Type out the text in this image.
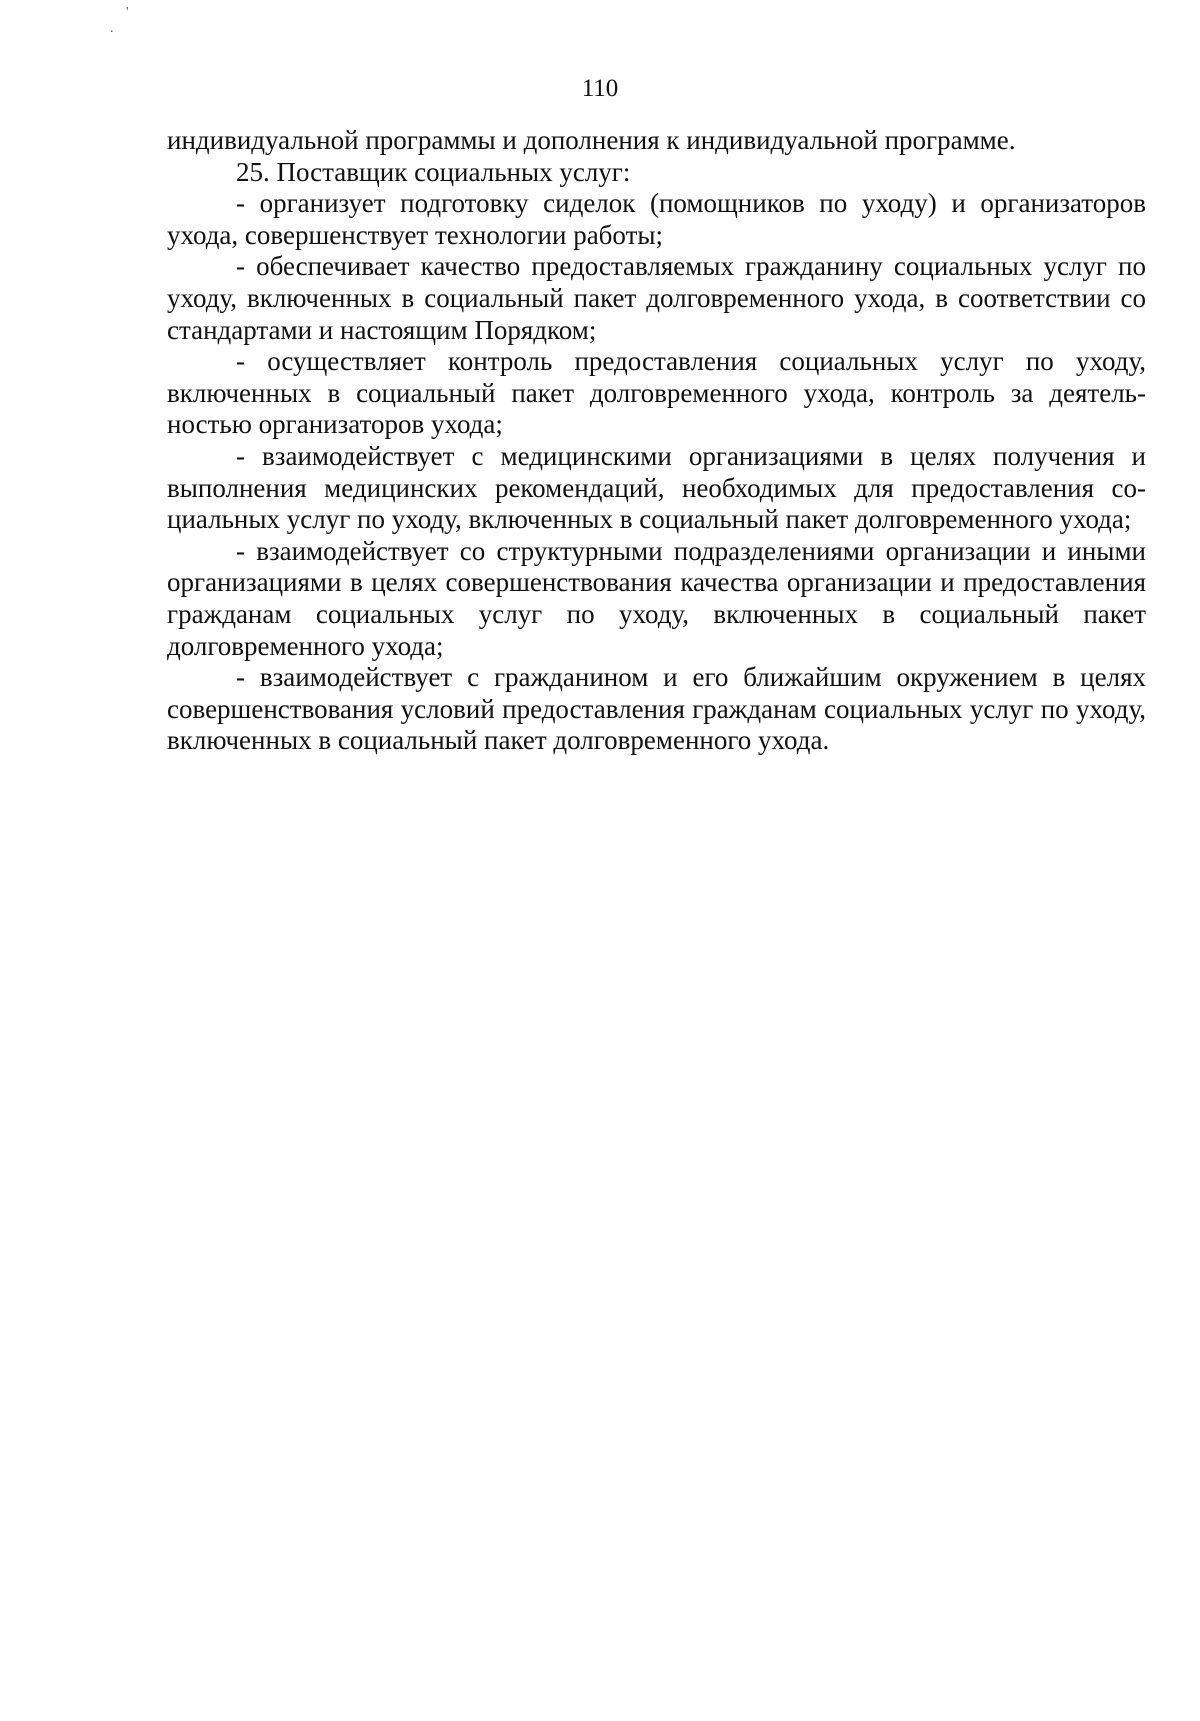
'
.
110

индивидуальной программы и дополнения к индивидуальной программе.

25. Поставщик социальных услуг:

- организует подготовку сиделок (помощников по уходу) и организаторов ухода, совершенствует технологии работы;

- обеспечивает качество предоставляемых гражданину социальных услуг по уходу, включенных в социальный пакет долговременного ухода, в соответствии со стандартами и настоящим Порядком;

- осуществляет контроль предоставления социальных услуг по уходу, включенных в социальный пакет долговременного ухода, контроль за деятельностью организаторов ухода;

- взаимодействует с медицинскими организациями в целях получения и выполнения медицинских рекомендаций, необходимых для предоставления социальных услуг по уходу, включенных в социальный пакет долговременного ухода;

- взаимодействует со структурными подразделениями организации и иными организациями в целях совершенствования качества организации и предоставления гражданам социальных услуг по уходу, включенных в социальный пакет долговременного ухода;

- взаимодействует с гражданином и его ближайшим окружением в целях совершенствования условий предоставления гражданам социальных услуг по уходу, включенных в социальный пакет долговременного ухода.
